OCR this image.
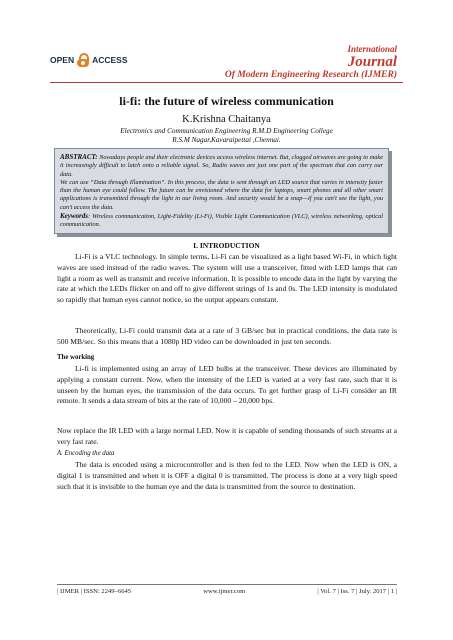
OPEN ACCESS
International
Journal
Of Modern Engineering Research (IJMER)
li-fi: the future of wireless communication
K.Krishna Chaitanya
Electronics and Communication Engineering R.M.D Engineering College
R.S.M Nagar,Kavaraipettai ,Chennai.

ABSTRACT: Nowadays people and their electronic devices access wireless internet. But, clogged airwaves are going to make it increasingly difficult to latch onto a reliable signal. So, Radio waves are just one part of the spectrum that can carry our data.

We can use “Data through Illumination”. In this process, the data is sent through an LED source that varies in intensity faster than the human eye could follow. The future can be envisioned where the data for laptops, smart phones and all other smart applications is transmitted through the light in our living room. And security would be a snap—if you can't see the light, you can't access the data.

Keywords: Wireless communication, Light-Fidelity (Li-Fi), Visible Light Communication (VLC), wireless networking, optical communication.

I. INTRODUCTION

Li-Fi is a VLC technology. In simple terms, Li-Fi can be visualized as a light based Wi-Fi, in which light waves are used instead of the radio waves. The system will use a transceiver, fitted with LED lamps that can light a room as well as transmit and receive information. It is possible to encode data in the light by varying the rate at which the LEDs flicker on and off to give different strings of 1s and 0s. The LED intensity is modulated so rapidly that human eyes cannot notice, so the output appears constant.

Theoretically, Li-Fi could transmit data at a rate of 3 GB/sec but in practical conditions, the data rate is 500 MB/sec. So this means that a 1080p HD video can be downloaded in just ten seconds.

The working

Li-fi is implemented using an array of LED bulbs at the transceiver. These devices are illuminated by applying a constant current. Now, when the intensity of the LED is varied at a very fast rate, such that it is unseen by the human eyes, the transmission of the data occurs. To get further grasp of Li-Fi consider an IR remote. It sends a data stream of bits at the rate of 10,000 – 20,000 bps.

Now replace the IR LED with a large normal LED. Now it is capable of sending thousands of such streams at a very fast rate.

A. Encoding the data

The data is encoded using a microcontroller and is then fed to the LED. Now when the LED is ON, a digital 1 is transmitted and when it is OFF a digital 0 is transmitted. The process is done at a very high speed such that it is invisible to the human eye and the data is transmitted from the source to destination.

| IJMER | ISSN: 2249–6645	www.ijmer.com	| Vol. 7 | Iss. 7 | July. 2017 | 1 |
